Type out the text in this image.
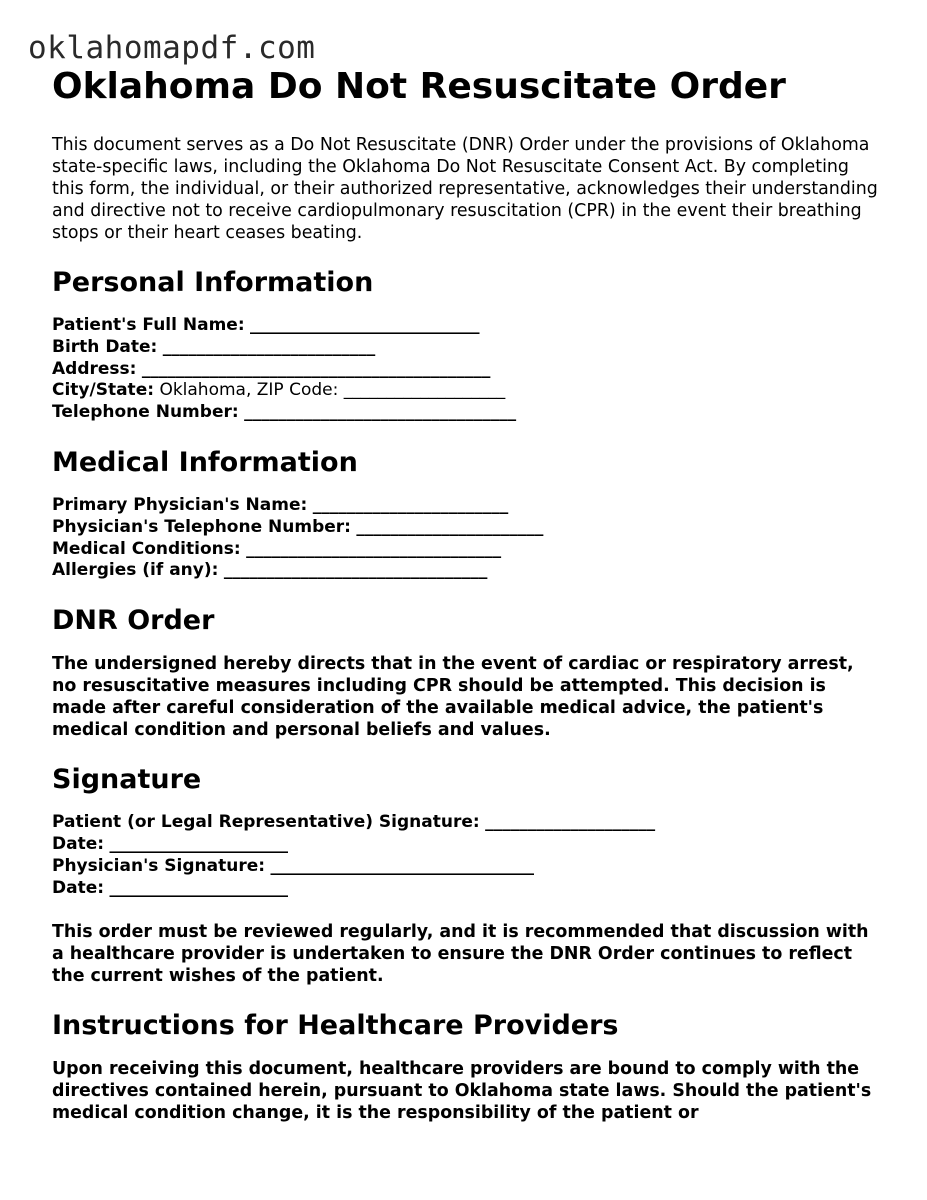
oklahomapdf.com
Oklahoma Do Not Resuscitate Order

This document serves as a Do Not Resuscitate (DNR) Order under the provisions of Oklahoma state-specific laws, including the Oklahoma Do Not Resuscitate Consent Act. By completing this form, the individual, or their authorized representative, acknowledges their understanding and directive not to receive cardiopulmonary resuscitation (CPR) in the event their breathing stops or their heart ceases beating.

Personal Information
Patient's Full Name: ___________________________
Birth Date: _________________________
Address: _________________________________________
City/State: Oklahoma, ZIP Code: ___________________
Telephone Number: ________________________________
Medical Information
Primary Physician's Name: _______________________
Physician's Telephone Number: ______________________
Medical Conditions: ______________________________
Allergies (if any): _______________________________
DNR Order

The undersigned hereby directs that in the event of cardiac or respiratory arrest, no resuscitative measures including CPR should be attempted. This decision is made after careful consideration of the available medical advice, the patient's medical condition and personal beliefs and values.

Signature
Patient (or Legal Representative) Signature: ____________________
Date: _____________________
Physician's Signature: _______________________________
Date: _____________________

This order must be reviewed regularly, and it is recommended that discussion with a healthcare provider is undertaken to ensure the DNR Order continues to reflect the current wishes of the patient.

Instructions for Healthcare Providers

Upon receiving this document, healthcare providers are bound to comply with the directives contained herein, pursuant to Oklahoma state laws. Should the patient's medical condition change, it is the responsibility of the patient or
